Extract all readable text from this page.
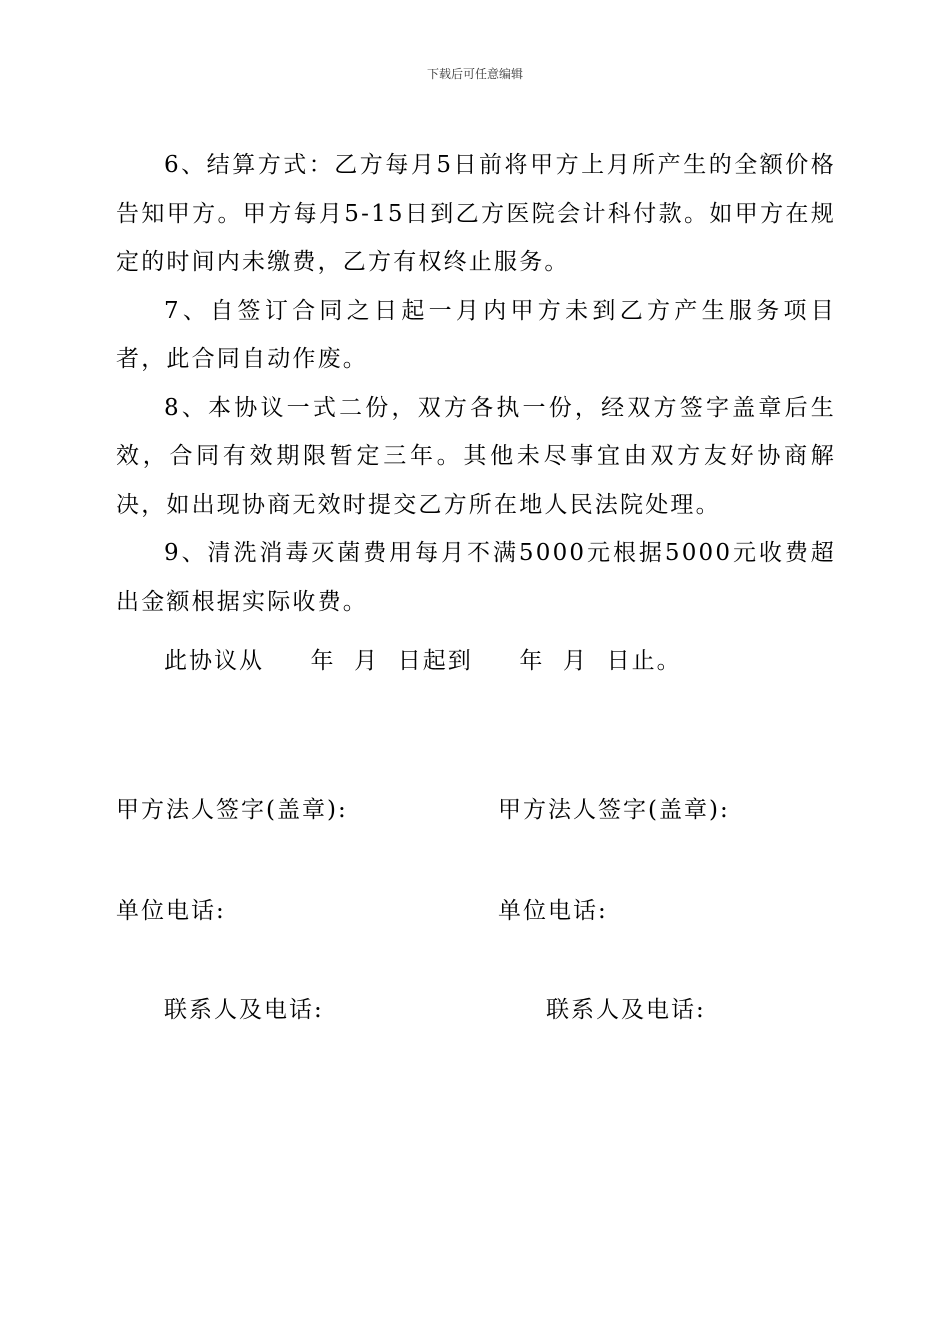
下载后可任意编辑

6、结算方式：乙方每月5日前将甲方上月所产生的全额价格告知甲方。甲方每月5-15日到乙方医院会计科付款。如甲方在规定的时间内未缴费，乙方有权终止服务。

7、自签订合同之日起一月内甲方未到乙方产生服务项目者，此合同自动作废。

8、本协议一式二份，双方各执一份，经双方签字盖章后生效，合同有效期限暂定三年。其他未尽事宜由双方友好协商解决，如出现协商无效时提交乙方所在地人民法院处理。

9、清洗消毒灭菌费用每月不满5000元根据5000元收费超出金额根据实际收费。

此协议从     年  月  日起到     年  月  日止。
甲方法人签字(盖章):	甲方法人签字(盖章):
单位电话:	单位电话:
联系人及电话:	联系人及电话:
